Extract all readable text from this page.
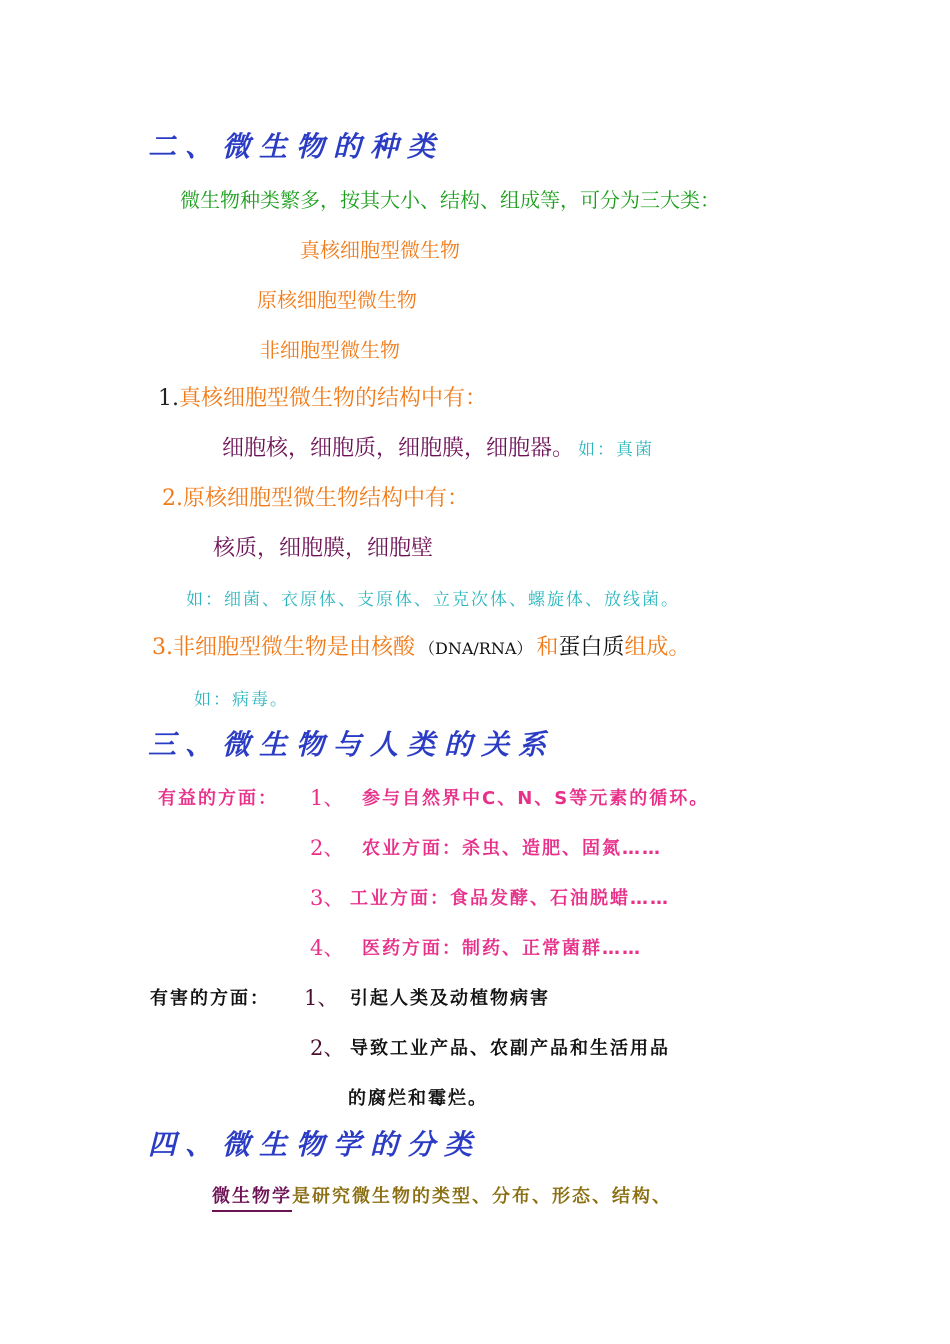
二、微生物的种类
微生物种类繁多，按其大小、结构、组成等，可分为三大类：
真核细胞型微生物
原核细胞型微生物
非细胞型微生物
1.真核细胞型微生物的结构中有：
细胞核，细胞质，细胞膜，细胞器。 如：真菌
2.原核细胞型微生物结构中有：
核质，细胞膜，细胞壁
如：细菌、衣原体、支原体、立克次体、螺旋体、放线菌。
3.非细胞型微生物是由核酸 （DNA/RNA） 和蛋白质组成。
如：病毒。
三、微生物与人类的关系
有益的方面： 1、 参与自然界中C、N、S等元素的循环。
2、 农业方面：杀虫、造肥、固氮……
3、 工业方面：食品发酵、石油脱蜡……
4、 医药方面：制药、正常菌群……
有害的方面： 1、 引起人类及动植物病害
2、 导致工业产品、农副产品和生活用品
的腐烂和霉烂。
四、微生物学的分类
微生物学是研究微生物的类型、分布、形态、结构、
